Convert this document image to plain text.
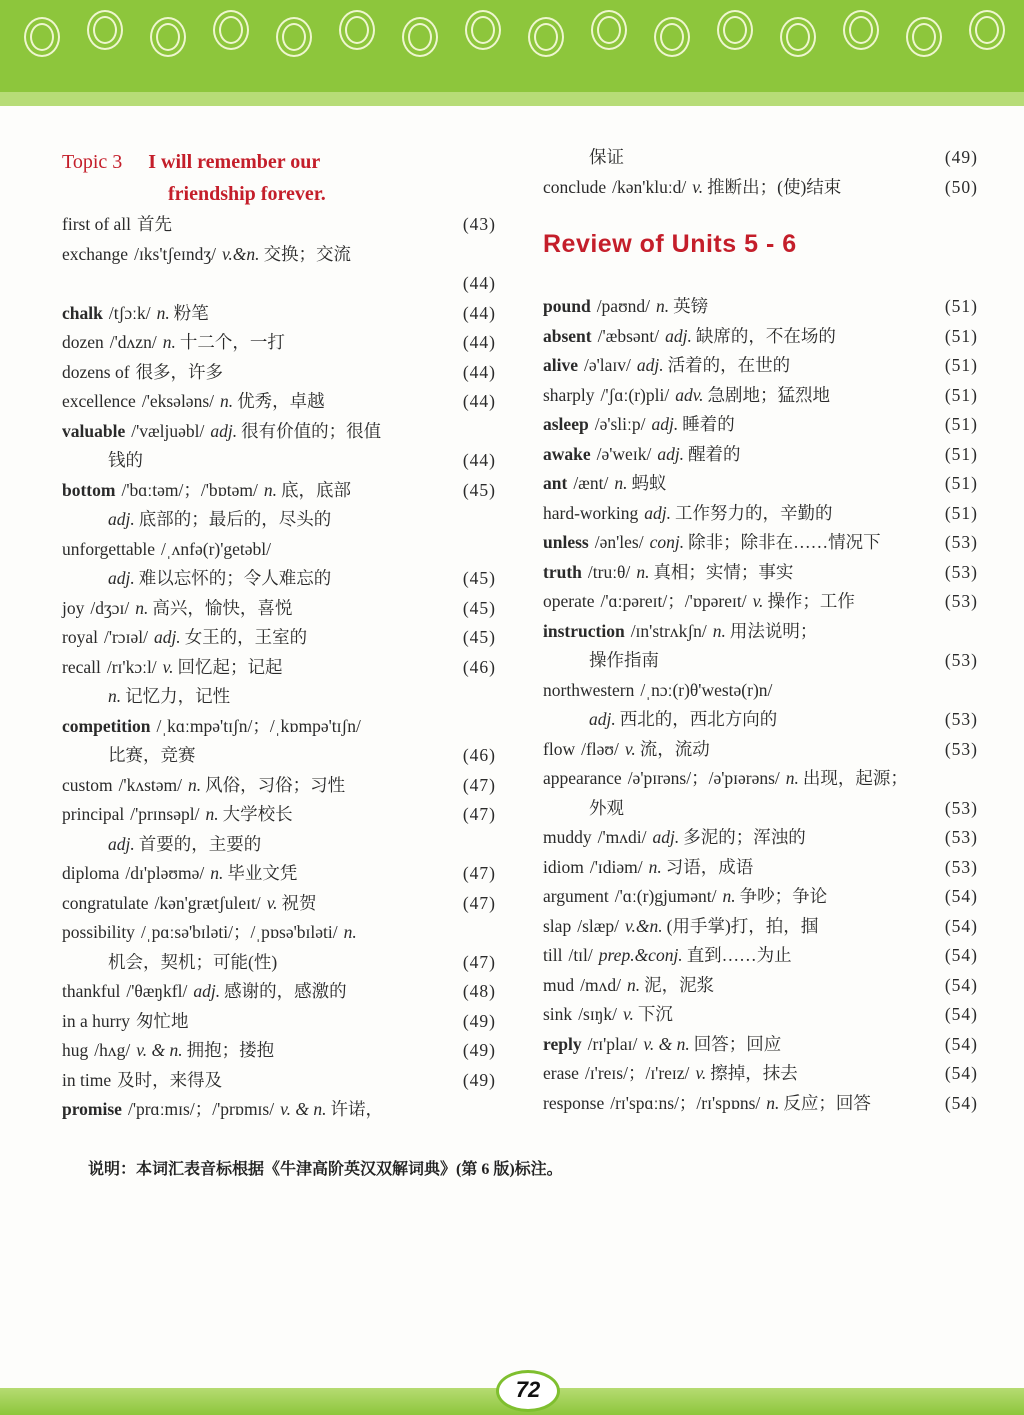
Topic 3 I will remember our
friendship forever.
first of all 首先	(43)
exchange /ɪks'tʃeɪndʒ/ v.&n. 交换；交流
(44)
chalk /tʃɔːk/ n. 粉笔	(44)
dozen /'dʌzn/ n. 十二个，一打	(44)
dozens of 很多，许多	(44)
excellence /'eksələns/ n. 优秀，卓越	(44)
valuable /'væljuəbl/ adj. 很有价值的；很值
钱的	(44)
bottom /'bɑːtəm/；/'bɒtəm/ n. 底，底部	(45)
adj. 底部的；最后的，尽头的
unforgettable /ˌʌnfə(r)'getəbl/
adj. 难以忘怀的；令人难忘的	(45)
joy /dʒɔɪ/ n. 高兴，愉快，喜悦	(45)
royal /'rɔɪəl/ adj. 女王的，王室的	(45)
recall /rɪ'kɔːl/ v. 回忆起；记起	(46)
n. 记忆力，记性
competition /ˌkɑːmpə'tɪʃn/；/ˌkɒmpə'tɪʃn/
比赛，竞赛	(46)
custom /'kʌstəm/ n. 风俗，习俗；习性	(47)
principal /'prɪnsəpl/ n. 大学校长	(47)
adj. 首要的，主要的
diploma /dɪ'pləʊmə/ n. 毕业文凭	(47)
congratulate /kən'grætʃuleɪt/ v. 祝贺	(47)
possibility /ˌpɑːsə'bɪləti/；/ˌpɒsə'bɪləti/ n.
机会，契机；可能(性)	(47)
thankful /'θæŋkfl/ adj. 感谢的，感激的	(48)
in a hurry 匆忙地	(49)
hug /hʌg/ v. & n. 拥抱；搂抱	(49)
in time 及时，来得及	(49)
promise /'prɑːmɪs/；/'prɒmɪs/ v. & n. 许诺，
保证	(49)
conclude /kən'kluːd/ v. 推断出；(使)结束	(50)
Review of Units 5 - 6
pound /paʊnd/ n. 英镑	(51)
absent /'æbsənt/ adj. 缺席的，不在场的	(51)
alive /ə'laɪv/ adj. 活着的，在世的	(51)
sharply /'ʃɑː(r)pli/ adv. 急剧地；猛烈地	(51)
asleep /ə'sliːp/ adj. 睡着的	(51)
awake /ə'weɪk/ adj. 醒着的	(51)
ant /ænt/ n. 蚂蚁	(51)
hard-working adj. 工作努力的，辛勤的	(51)
unless /ən'les/ conj. 除非；除非在……情况下	(53)
truth /truːθ/ n. 真相；实情；事实	(53)
operate /'ɑːpəreɪt/；/'ɒpəreɪt/ v. 操作；工作	(53)
instruction /ɪn'strʌkʃn/ n. 用法说明；
操作指南	(53)
northwestern /ˌnɔː(r)θ'westə(r)n/
adj. 西北的，西北方向的	(53)
flow /fləʊ/ v. 流，流动	(53)
appearance /ə'pɪrəns/；/ə'pɪərəns/ n. 出现，起源；
外观	(53)
muddy /'mʌdi/ adj. 多泥的；浑浊的	(53)
idiom /'ɪdiəm/ n. 习语，成语	(53)
argument /'ɑː(r)gjumənt/ n. 争吵；争论	(54)
slap /slæp/ v.&n. (用手掌)打，拍，掴	(54)
till /tɪl/ prep.&conj. 直到……为止	(54)
mud /mʌd/ n. 泥，泥浆	(54)
sink /sɪŋk/ v. 下沉	(54)
reply /rɪ'plaɪ/ v. & n. 回答；回应	(54)
erase /ɪ'reɪs/；/ɪ'reɪz/ v. 擦掉，抹去	(54)
response /rɪ'spɑːns/；/rɪ'spɒns/ n. 反应；回答	(54)
说明：本词汇表音标根据《牛津高阶英汉双解词典》(第 6 版)标注。
72
